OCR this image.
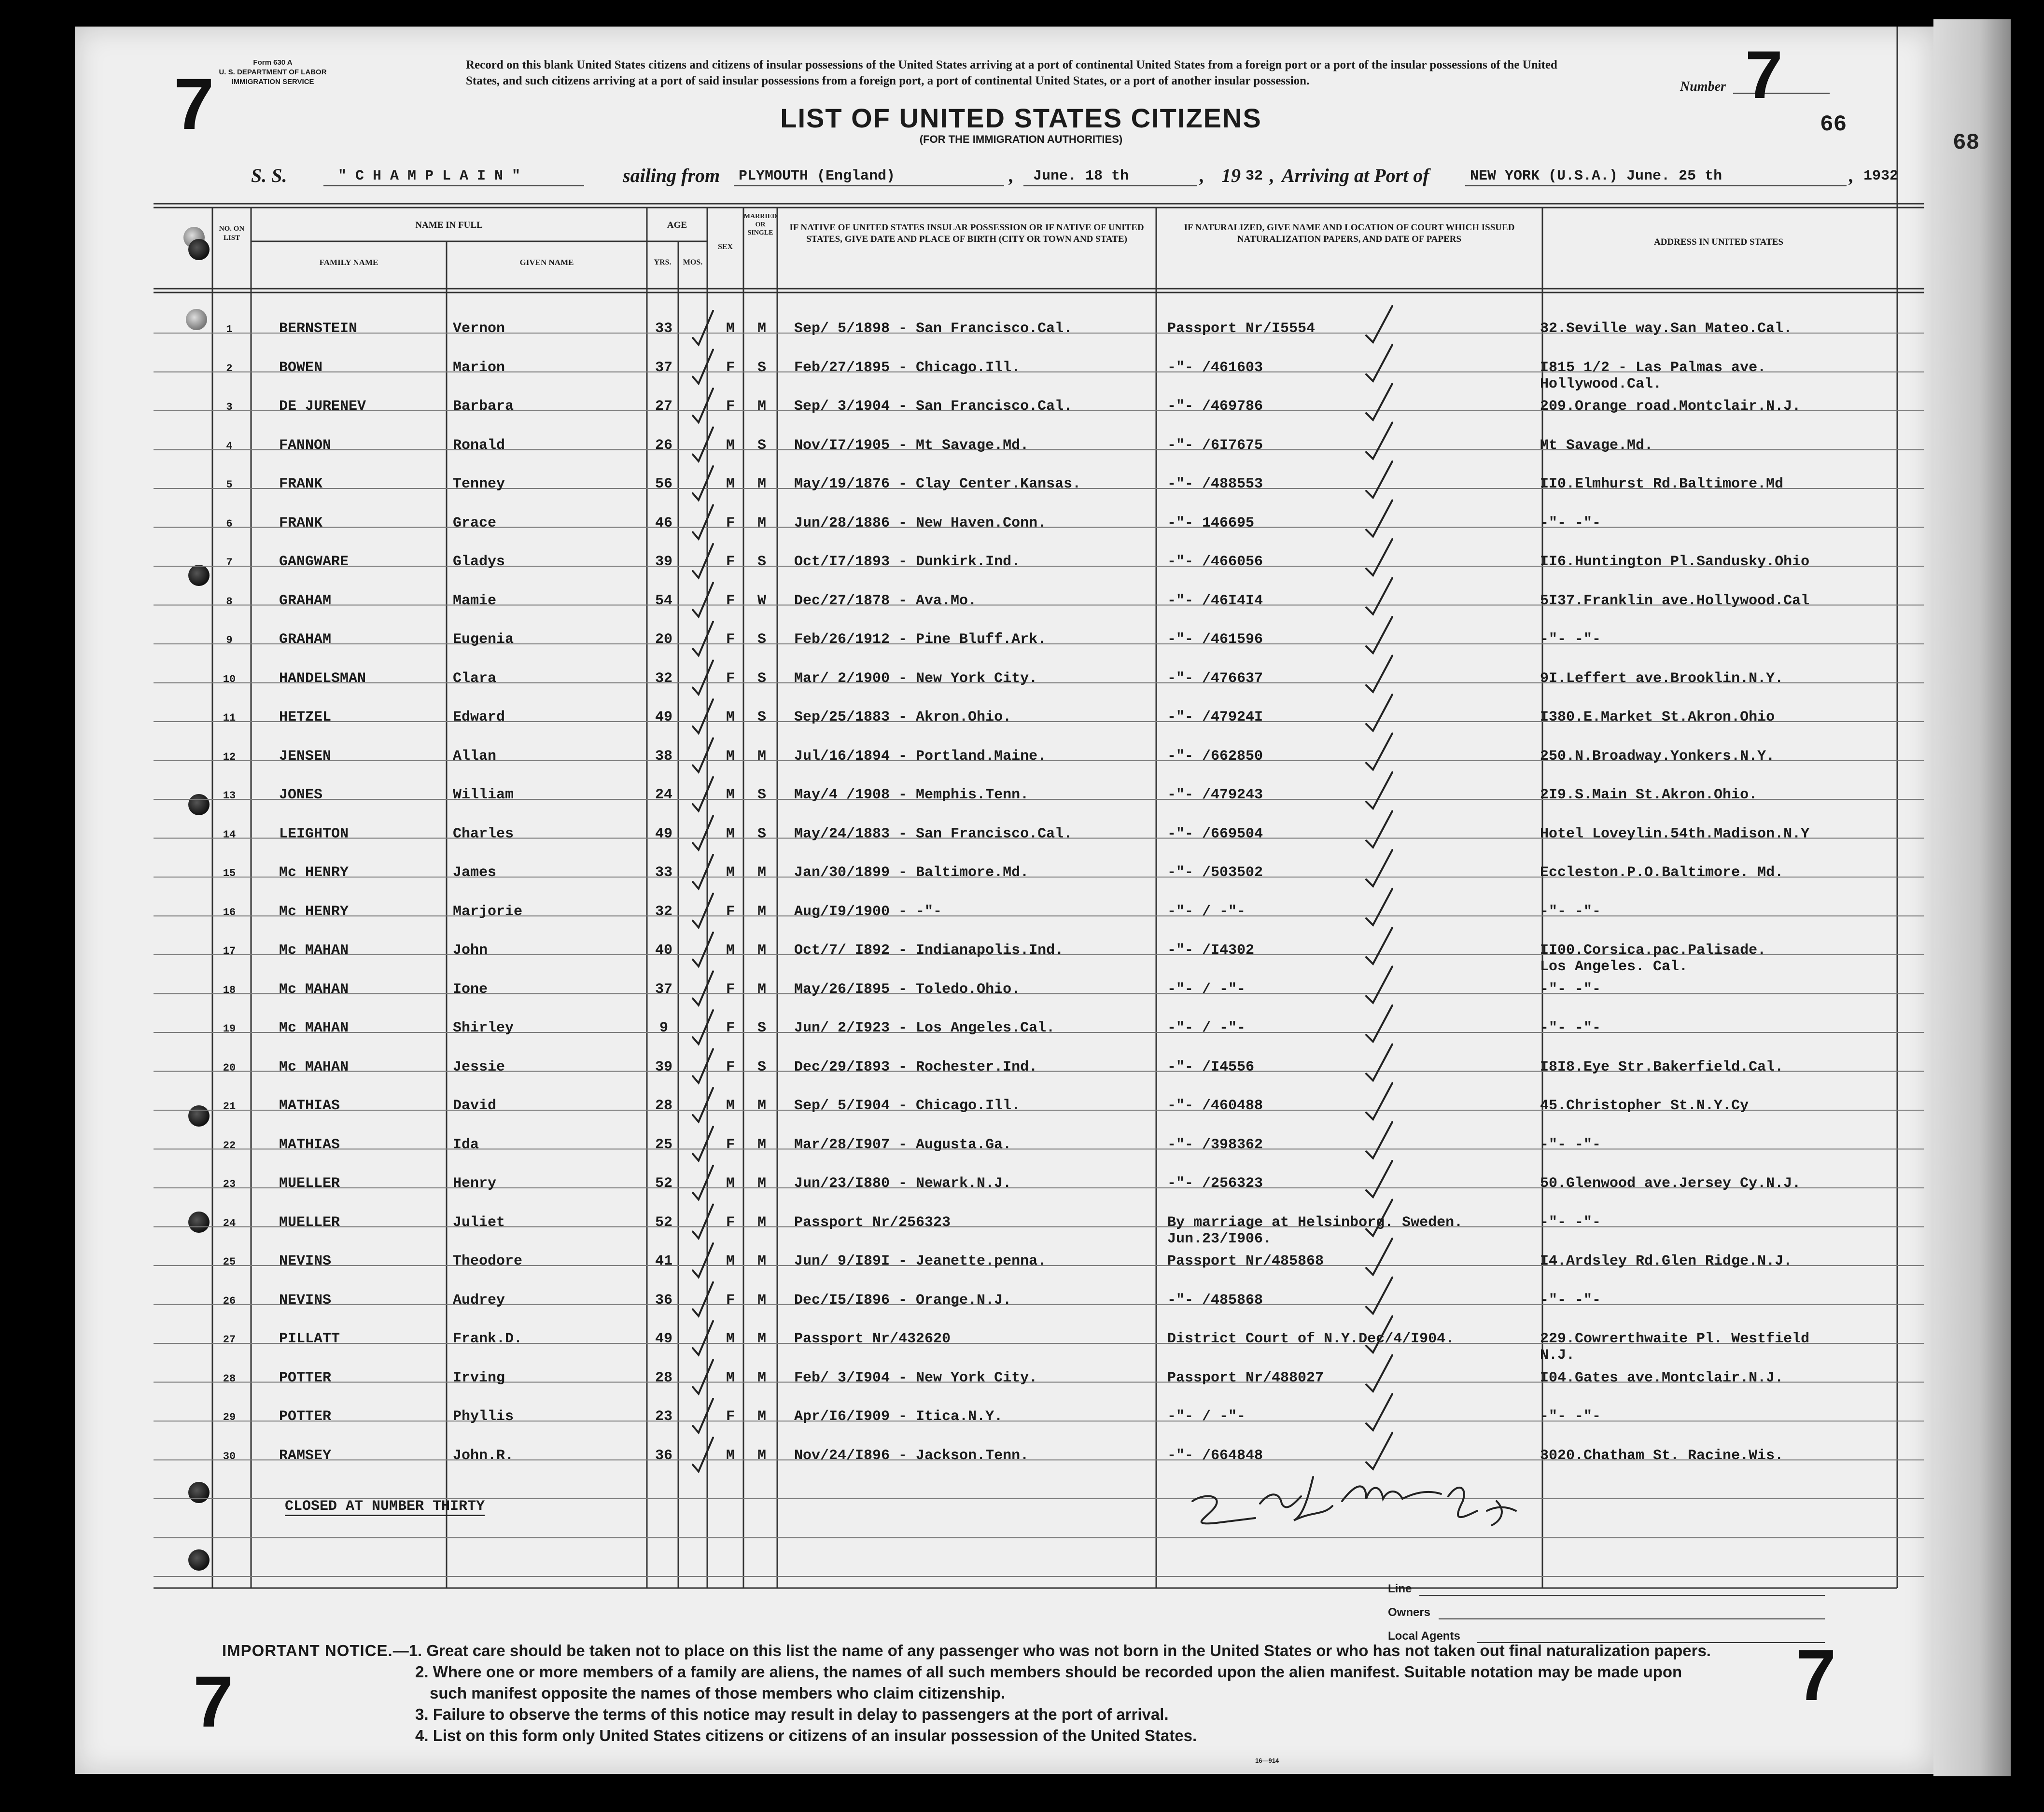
68
7
Form 630 A
U. S. DEPARTMENT OF LABOR
IMMIGRATION SERVICE
Record on this blank United States citizens and citizens of insular possessions of the United States arriving at a port of continental United States from a foreign port or a port of the insular possessions of the United States, and such citizens arriving at a port of said insular possessions from a foreign port, a port of continental United States, or a port of another insular possession.
LIST OF UNITED STATES CITIZENS
(FOR THE IMMIGRATION AUTHORITIES)
Number 7
66
S. S.	" C H A M P L A I N "	sailing from PLYMOUTH (England)	, June. 18 th	, 19 32 , Arriving at Port of	NEW YORK (U.S.A.) June. 25 th	, 1932
NO. ON LIST
NAME IN FULL
FAMILY NAME	GIVEN NAME
AGE
YRS.	MOS.
SEX
MARRIED OR SINGLE
IF NATIVE OF UNITED STATES INSULAR POSSESSION OR IF NATIVE OF UNITED STATES, GIVE DATE AND PLACE OF BIRTH (CITY OR TOWN AND STATE)
IF NATURALIZED, GIVE NAME AND LOCATION OF COURT WHICH ISSUED NATURALIZATION PAPERS, AND DATE OF PAPERS	ADDRESS IN UNITED STATES
1	BERNSTEIN	Vernon	33	M	M	Sep/ 5/1898 - San Francisco.Cal.	Passport Nr/I5554	32.Seville way.San Mateo.Cal.
2	BOWEN	Marion	37	F	S	Feb/27/1895 - Chicago.Ill.	-"- /461603	I815 1/2 - Las Palmas ave.
Hollywood.Cal.
3	DE JURENEV	Barbara	27	F	M	Sep/ 3/1904 - San Francisco.Cal.	-"- /469786	209.Orange road.Montclair.N.J.
4	FANNON	Ronald	26	M	S	Nov/I7/1905 - Mt Savage.Md.	-"- /6I7675	Mt Savage.Md.
5	FRANK	Tenney	56	M	M	May/19/1876 - Clay Center.Kansas.	-"- /488553	II0.Elmhurst Rd.Baltimore.Md
6	FRANK	Grace	46	F	M	Jun/28/1886 - New Haven.Conn.	-"- 146695	-"- -"-
7	GANGWARE	Gladys	39	F	S	Oct/I7/1893 - Dunkirk.Ind.	-"- /466056	II6.Huntington Pl.Sandusky.Ohio
8	GRAHAM	Mamie	54	F	W	Dec/27/1878 - Ava.Mo.	-"- /46I4I4	5I37.Franklin ave.Hollywood.Cal
9	GRAHAM	Eugenia	20	F	S	Feb/26/1912 - Pine Bluff.Ark.	-"- /461596	-"- -"-
10	HANDELSMAN	Clara	32	F	S	Mar/ 2/1900 - New York City.	-"- /476637	9I.Leffert ave.Brooklin.N.Y.
11	HETZEL	Edward	49	M	S	Sep/25/1883 - Akron.Ohio.	-"- /47924I	I380.E.Market St.Akron.Ohio
12	JENSEN	Allan	38	M	M	Jul/16/1894 - Portland.Maine.	-"- /662850	250.N.Broadway.Yonkers.N.Y.
13	JONES	William	24	M	S	May/4 /1908 - Memphis.Tenn.	-"- /479243	2I9.S.Main St.Akron.Ohio.
14	LEIGHTON	Charles	49	M	S	May/24/1883 - San Francisco.Cal.	-"- /669504	Hotel Loveylin.54th.Madison.N.Y
15	Mc HENRY	James	33	M	M	Jan/30/1899 - Baltimore.Md.	-"- /503502	Eccleston.P.O.Baltimore. Md.
16	Mc HENRY	Marjorie	32	F	M	Aug/I9/1900 - -"-	-"- / -"-	-"- -"-
17	Mc MAHAN	John	40	M	M	Oct/7/ I892 - Indianapolis.Ind.	-"- /I4302	II00.Corsica.pac.Palisade.
Los Angeles. Cal.
18	Mc MAHAN	Ione	37	F	M	May/26/I895 - Toledo.Ohio.	-"- / -"-	-"- -"-
19	Mc MAHAN	Shirley	9	F	S	Jun/ 2/I923 - Los Angeles.Cal.	-"- / -"-	-"- -"-
20	Mc MAHAN	Jessie	39	F	S	Dec/29/I893 - Rochester.Ind.	-"- /I4556	I8I8.Eye Str.Bakerfield.Cal.
21	MATHIAS	David	28	M	M	Sep/ 5/I904 - Chicago.Ill.	-"- /460488	45.Christopher St.N.Y.Cy
22	MATHIAS	Ida	25	F	M	Mar/28/I907 - Augusta.Ga.	-"- /398362	-"- -"-
23	MUELLER	Henry	52	M	M	Jun/23/I880 - Newark.N.J.	-"- /256323	50.Glenwood ave.Jersey Cy.N.J.
24	MUELLER	Juliet	52	F	M	Passport Nr/256323	By marriage at Helsinborg. Sweden.	-"- -"-
Jun.23/I906.
25	NEVINS	Theodore	41	M	M	Jun/ 9/I89I - Jeanette.penna.	Passport Nr/485868	I4.Ardsley Rd.Glen Ridge.N.J.
26	NEVINS	Audrey	36	F	M	Dec/I5/I896 - Orange.N.J.	-"- /485868	-"- -"-
27	PILLATT	Frank.D.	49	M	M	Passport Nr/432620	District Court of N.Y.Dec/4/I904.	229.Cowrerthwaite Pl. Westfield
N.J.
28	POTTER	Irving	28	M	M	Feb/ 3/I904 - New York City.	Passport Nr/488027	I04.Gates ave.Montclair.N.J.
29	POTTER	Phyllis	23	F	M	Apr/I6/I909 - Itica.N.Y.	-"- / -"-	-"- -"-
30	RAMSEY	John.R.	36	M	M	Nov/24/I896 - Jackson.Tenn.	-"- /664848	3020.Chatham St. Racine.Wis.
CLOSED AT NUMBER THIRTY
Line
Owners
Local Agents
7	7
IMPORTANT NOTICE.—1. Great care should be taken not to place on this list the name of any passenger who was not born in the United States or who has not taken out final naturalization papers.
2. Where one or more members of a family are aliens, the names of all such members should be recorded upon the alien manifest. Suitable notation may be made upon
such manifest opposite the names of those members who claim citizenship.
3. Failure to observe the terms of this notice may result in delay to passengers at the port of arrival.
4. List on this form only United States citizens or citizens of an insular possession of the United States.
16—914
